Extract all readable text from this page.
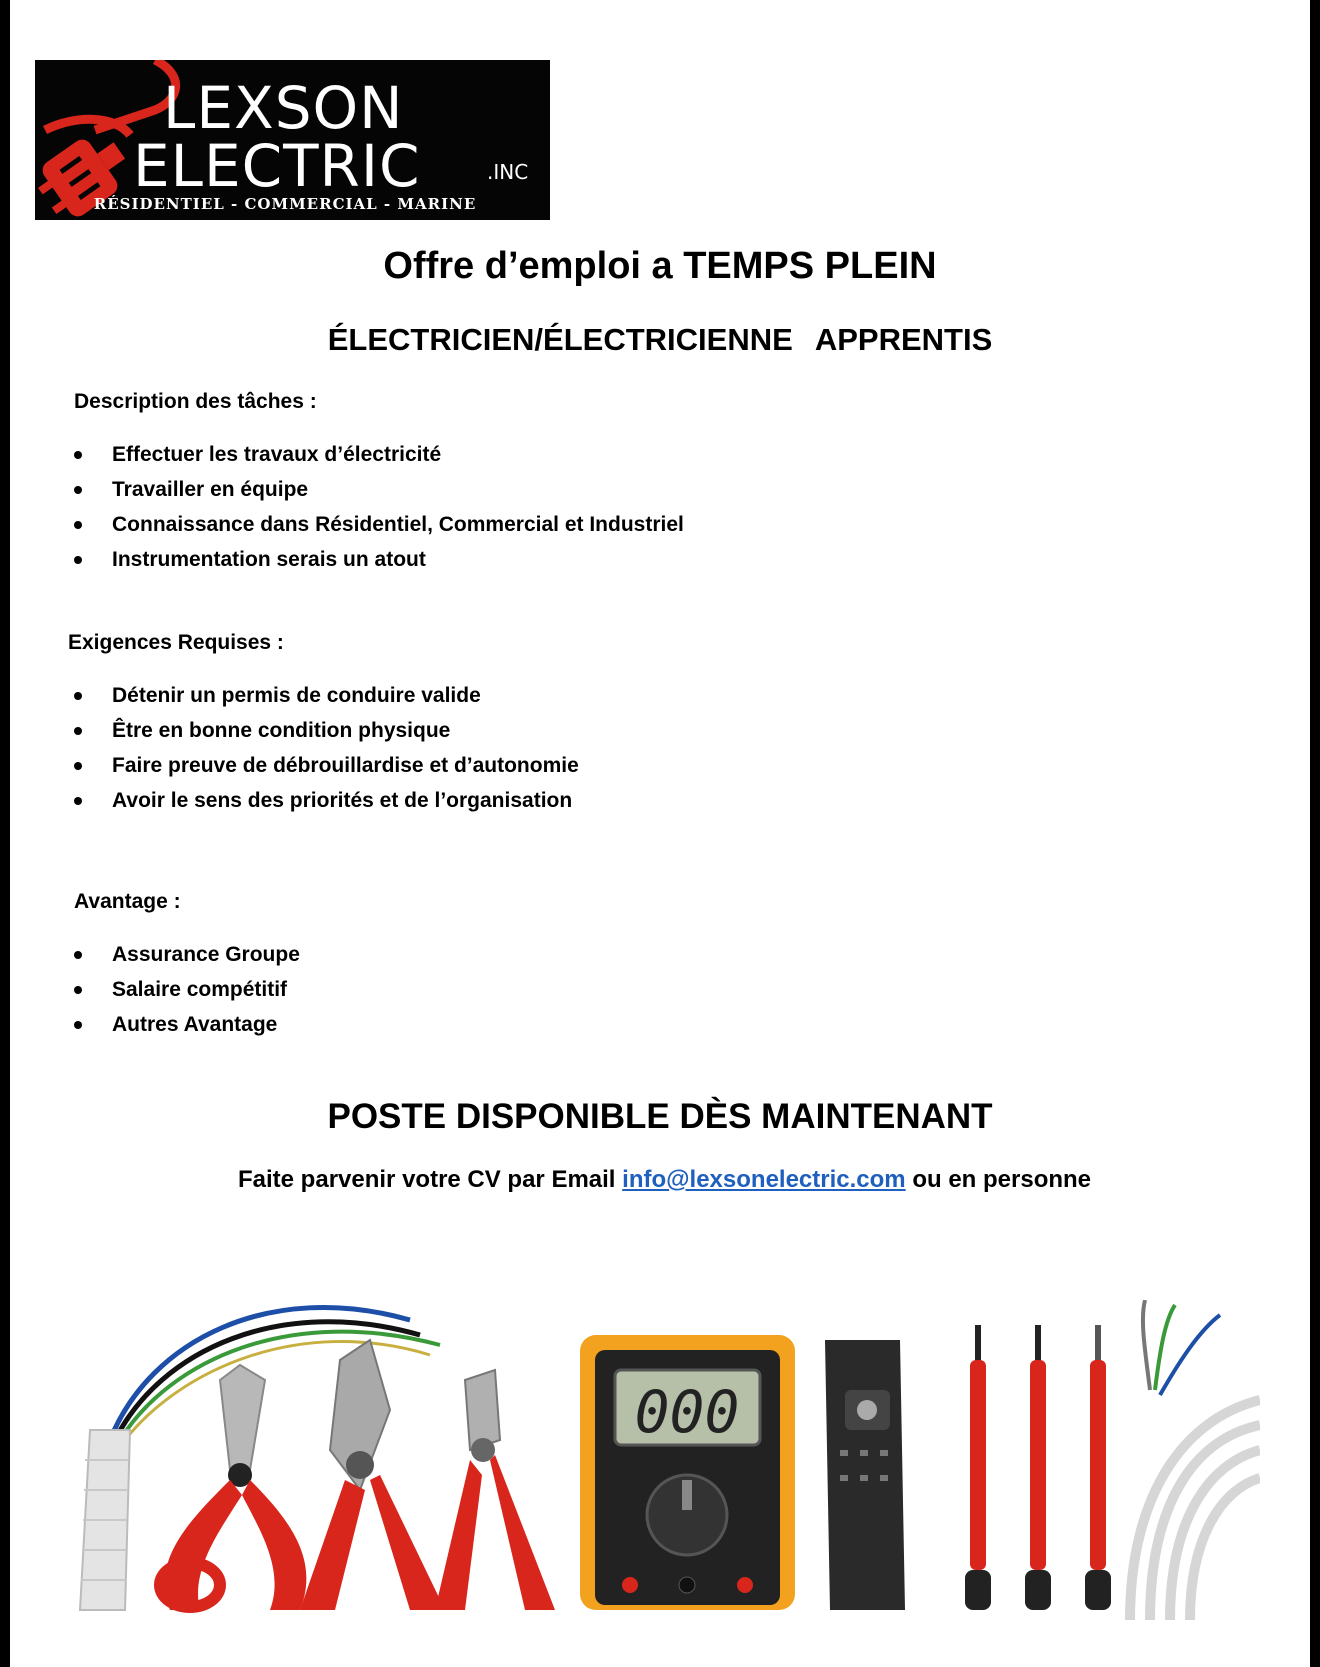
LEXSON
ELECTRIC	.INC
RÉSIDENTIEL - COMMERCIAL - MARINE
Offre d’emploi a TEMPS PLEIN
ÉLECTRICIEN/ÉLECTRICIENNE  APPRENTIS
Description des tâches :
Effectuer les travaux d’électricité
Travailler en équipe
Connaissance dans Résidentiel, Commercial et Industriel
Instrumentation serais un atout
Exigences Requises :
Détenir un permis de conduire valide
Être en bonne condition physique
Faire preuve de débrouillardise et d’autonomie
Avoir le sens des priorités et de l’organisation
Avantage :
Assurance Groupe
Salaire compétitif
Autres Avantage
POSTE DISPONIBLE DÈS MAINTENANT
Faite parvenir votre CV par Email info@lexsonelectric.com ou en personne
000
